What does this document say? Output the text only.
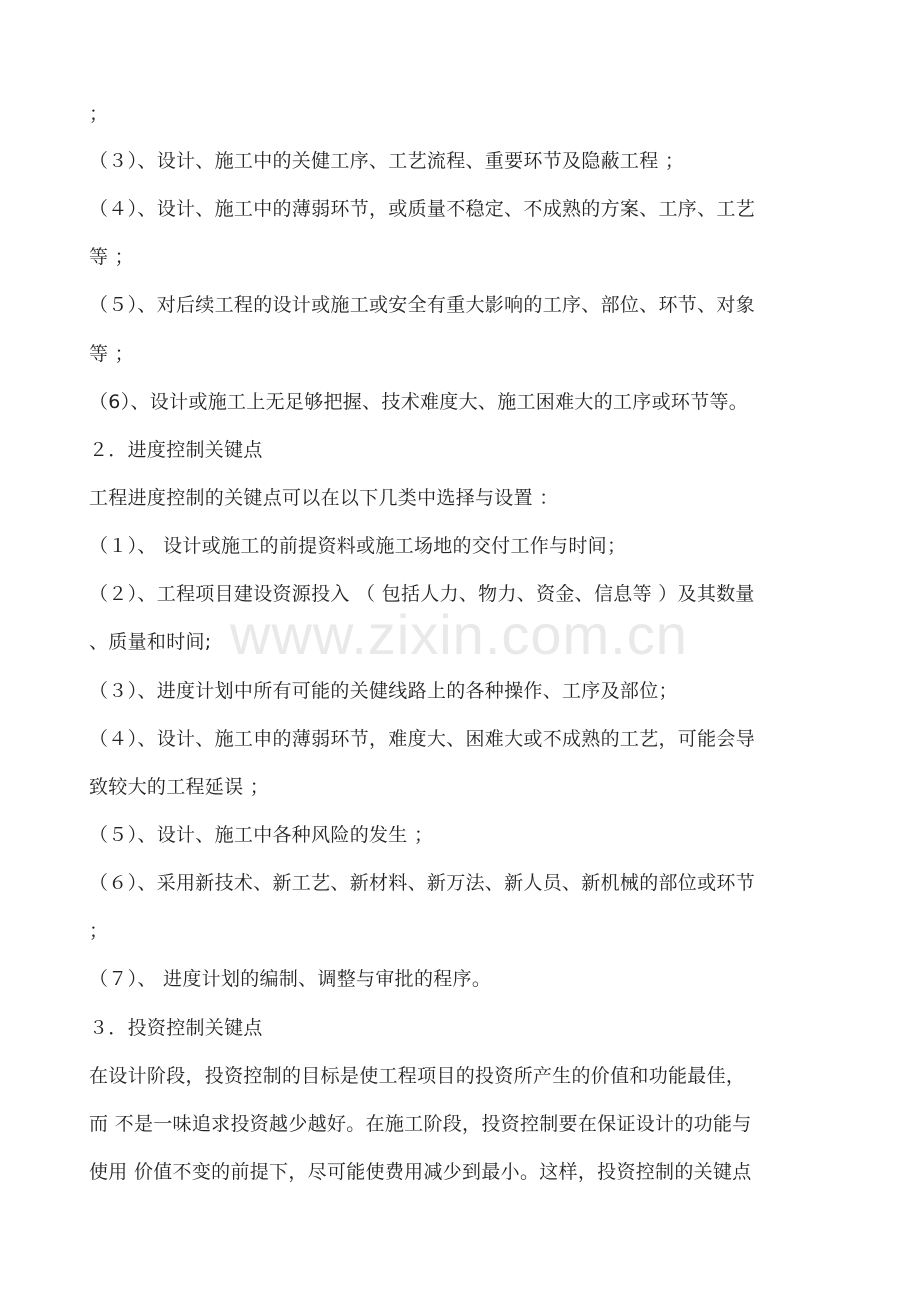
www.zixin.com.cn
；
（３）、设计、施工中的关健工序、工艺流程、重要环节及隐蔽工程 ；
（４）、设计、施工中的薄弱环节，或质量不稳定、不成熟的方案、工序、工艺
等 ；
（５）、对后续工程的设计或施工或安全有重大影响的工序、部位、环节、对象
等 ；
（6）、设计或施工上无足够把握、技术难度大、施工困难大的工序或环节等。
２．进度控制关键点
工程进度控制的关键点可以在以下几类中选择与设置 ：
（１）、 设计或施工的前提资料或施工场地的交付工作与时间；
（２）、工程项目建设资源投入 （ 包括人力、物力、资金、信息等 ）及其数量
、质量和时间;
（３）、进度计划中所有可能的关健线路上的各种操作、工序及部位；
（４）、设计、施工申的薄弱环节，难度大、困难大或不成熟的工艺，可能会导
致较大的工程延误 ；
（５）、设计、施工中各种风险的发生 ；
（６）、采用新技术、新工艺、新材料、新万法、新人员、新机械的部位或环节
；
（７）、 进度计划的编制、调整与审批的程序。
３．投资控制关键点
在设计阶段，投资控制的目标是使工程项目的投资所产生的价值和功能最佳，
而 不是一味追求投资越少越好。在施工阶段，投资控制要在保证设计的功能与
使用 价值不变的前提下，尽可能使费用减少到最小。这样，投资控制的关键点
